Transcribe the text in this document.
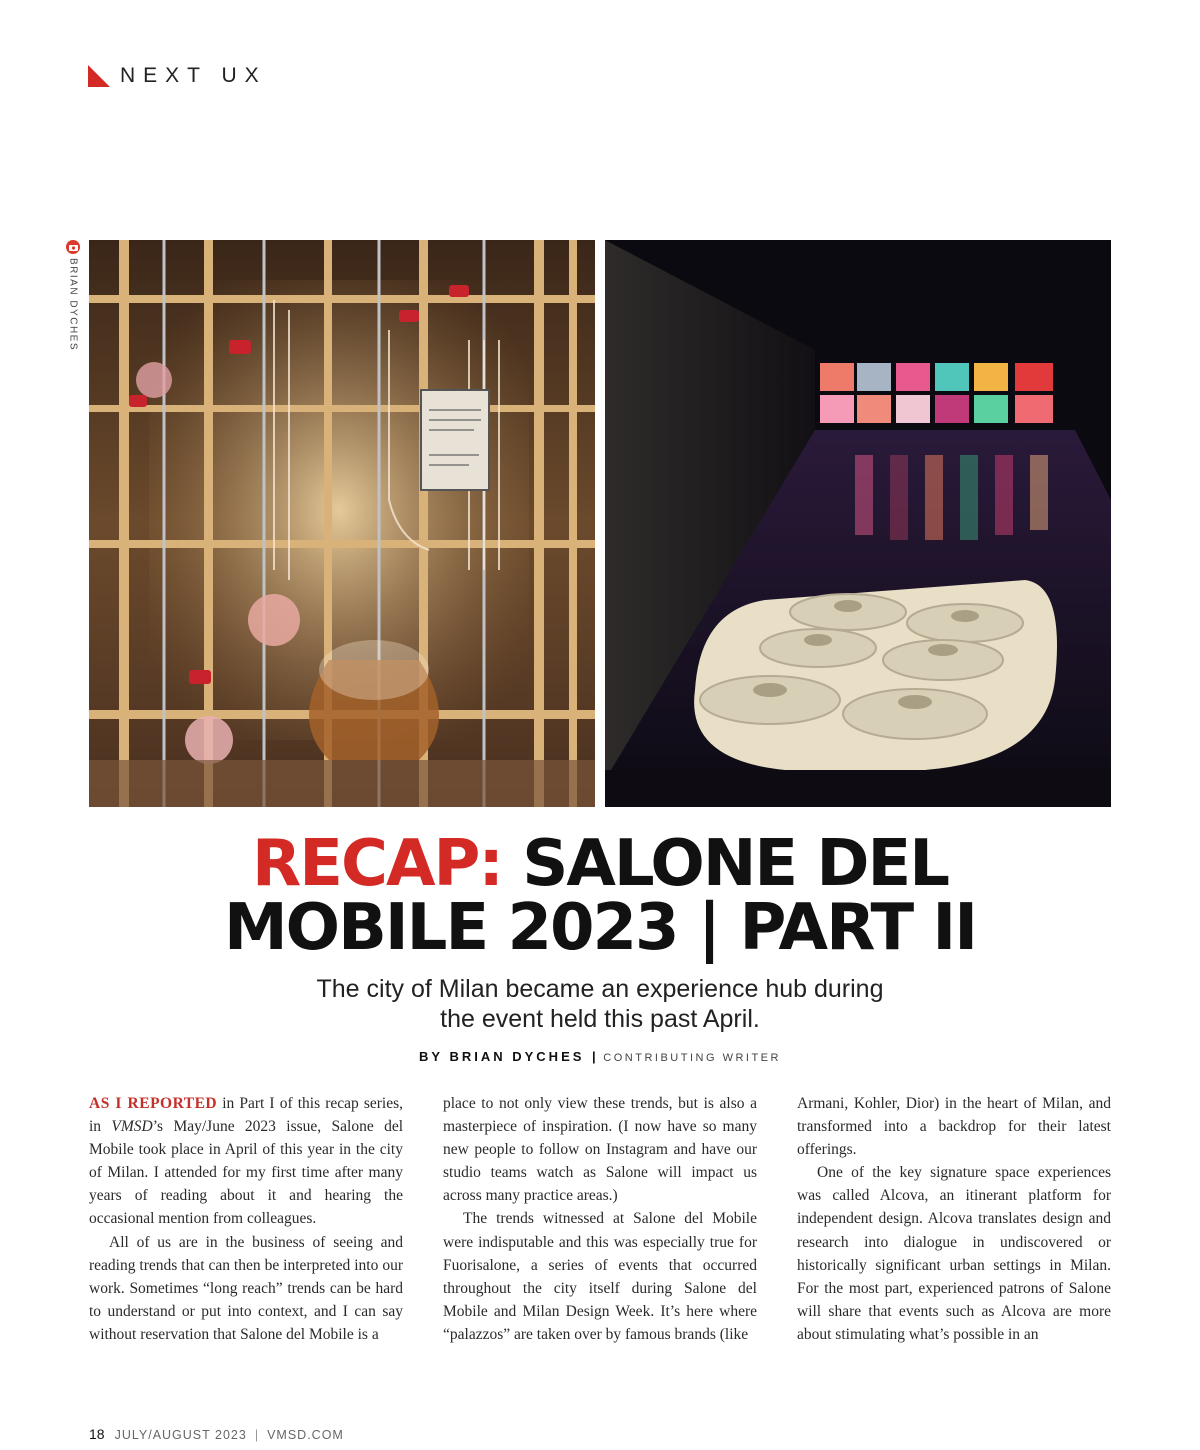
NEXT UX
BRIAN DYCHES
RECAP: SALONE DEL
MOBILE 2023 | PART II
The city of Milan became an experience hub during
the event held this past April.
BY BRIAN DYCHES | CONTRIBUTING WRITER

AS I REPORTED in Part I of this recap series, in VMSD’s May/June 2023 issue, Salone del Mobile took place in April of this year in the city of Milan. I attended for my first time after many years of reading about it and hearing the occasional mention from colleagues.

All of us are in the business of seeing and reading trends that can then be interpreted into our work. Sometimes “long reach” trends can be hard to understand or put into context, and I can say without reservation that Salone del Mobile is a

place to not only view these trends, but is also a masterpiece of inspiration. (I now have so many new people to follow on Instagram and have our studio teams watch as Salone will impact us across many practice areas.)

The trends witnessed at Salone del Mobile were indisputable and this was especially true for Fuorisalone, a series of events that occurred throughout the city itself during Salone del Mobile and Milan Design Week. It’s here where “palazzos” are taken over by famous brands (like

Armani, Kohler, Dior) in the heart of Milan, and transformed into a backdrop for their latest offerings.

One of the key signature space experiences was called Alcova, an itinerant platform for independent design. Alcova translates design and research into dialogue in undiscovered or historically significant urban settings in Milan. For the most part, experienced patrons of Salone will share that events such as Alcova are more about stimulating what’s possible in an

18 JULY/AUGUST 2023 | VMSD.COM
